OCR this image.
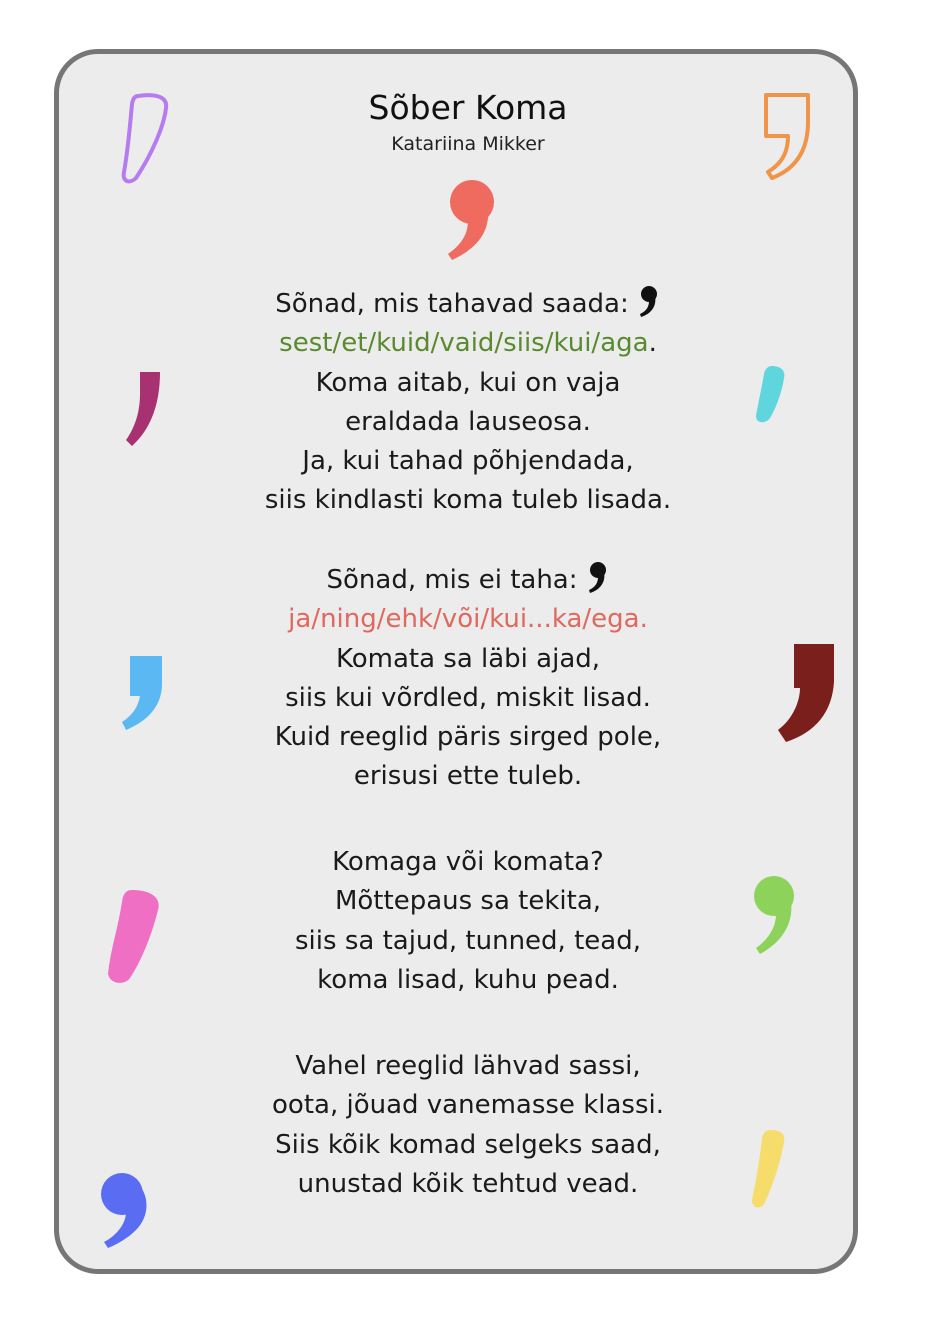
Sõber Koma
Katariina Mikker
Sõnad, mis tahavad saada:
sest/et/kuid/vaid/siis/kui/aga.
Koma aitab, kui on vaja
eraldada lauseosa.
Ja, kui tahad põhjendada,
siis kindlasti koma tuleb lisada.
Sõnad, mis ei taha:
ja/ning/ehk/või/kui...ka/ega.
Komata sa läbi ajad,
siis kui võrdled, miskit lisad.
Kuid reeglid päris sirged pole,
erisusi ette tuleb.
Komaga või komata?
Mõttepaus sa tekita,
siis sa tajud, tunned, tead,
koma lisad, kuhu pead.
Vahel reeglid lähvad sassi,
oota, jõuad vanemasse klassi.
Siis kõik komad selgeks saad,
unustad kõik tehtud vead.
